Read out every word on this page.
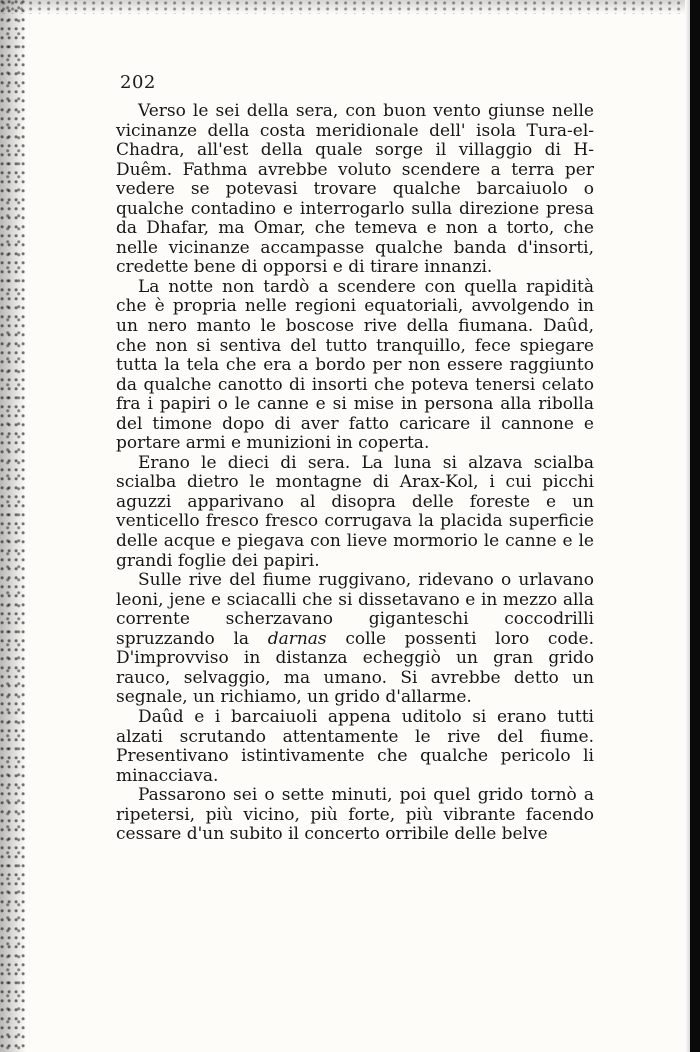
202

Verso le sei della sera, con buon vento giunse nelle vicinanze della costa meridionale dell' isola Tura-el-Chadra, all'est della quale sorge il villaggio di H-Duêm. Fathma avrebbe voluto scendere a terra per vedere se potevasi trovare qualche barcaiuolo o qualche contadino e interrogarlo sulla direzione presa da Dhafar, ma Omar, che temeva e non a torto, che nelle vicinanze accampasse qualche banda d'insorti, credette bene di opporsi e di tirare innanzi.

La notte non tardò a scendere con quella rapidità che è propria nelle regioni equatoriali, avvolgendo in un nero manto le boscose rive della fiumana. Daûd, che non si sentiva del tutto tranquillo, fece spiegare tutta la tela che era a bordo per non essere raggiunto da qualche canotto di insorti che poteva tenersi celato fra i papiri o le canne e si mise in persona alla ribolla del timone dopo di aver fatto caricare il cannone e portare armi e munizioni in coperta.

Erano le dieci di sera. La luna si alzava scialba scialba dietro le montagne di Arax-Kol, i cui picchi aguzzi apparivano al disopra delle foreste e un venticello fresco fresco corrugava la placida superficie delle acque e piegava con lieve mormorio le canne e le grandi foglie dei papiri.

Sulle rive del fiume ruggivano, ridevano o urlavano leoni, jene e sciacalli che si dissetavano e in mezzo alla corrente scherzavano giganteschi coccodrilli spruzzando la darnas colle possenti loro code. D'improvviso in distanza echeggiò un gran grido rauco, selvaggio, ma umano. Si avrebbe detto un segnale, un richiamo, un grido d'allarme.

Daûd e i barcaiuoli appena uditolo si erano tutti alzati scrutando attentamente le rive del fiume. Presentivano istintivamente che qualche pericolo li minacciava.

Passarono sei o sette minuti, poi quel grido tornò a ripetersi, più vicino, più forte, più vibrante facendo cessare d'un subito il concerto orribile delle belve
